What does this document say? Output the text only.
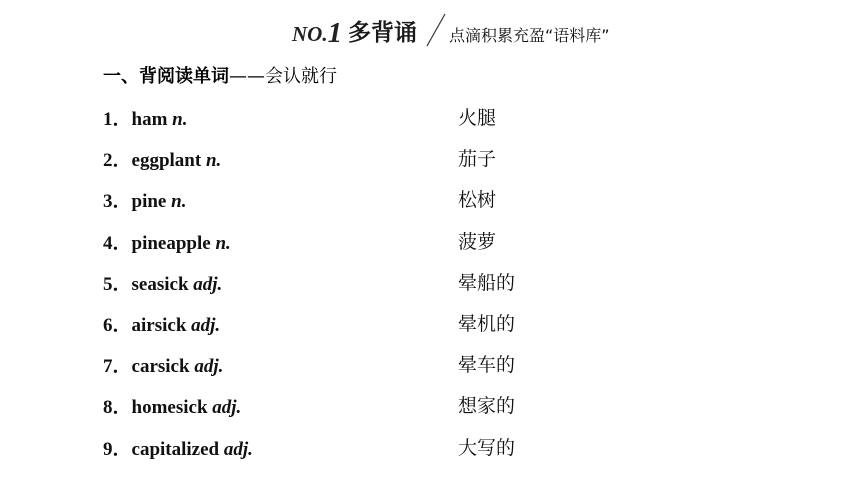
NO.1 多背诵 点滴积累充盈“语料库”
一、背阅读单词——会认就行
1．ham n.	火腿
2．eggplant n.	茄子
3．pine n.	松树
4．pineapple n.	菠萝
5．seasick adj.	晕船的
6．airsick adj.	晕机的
7．carsick adj.	晕车的
8．homesick adj.	想家的
9．capitalized adj.	大写的
